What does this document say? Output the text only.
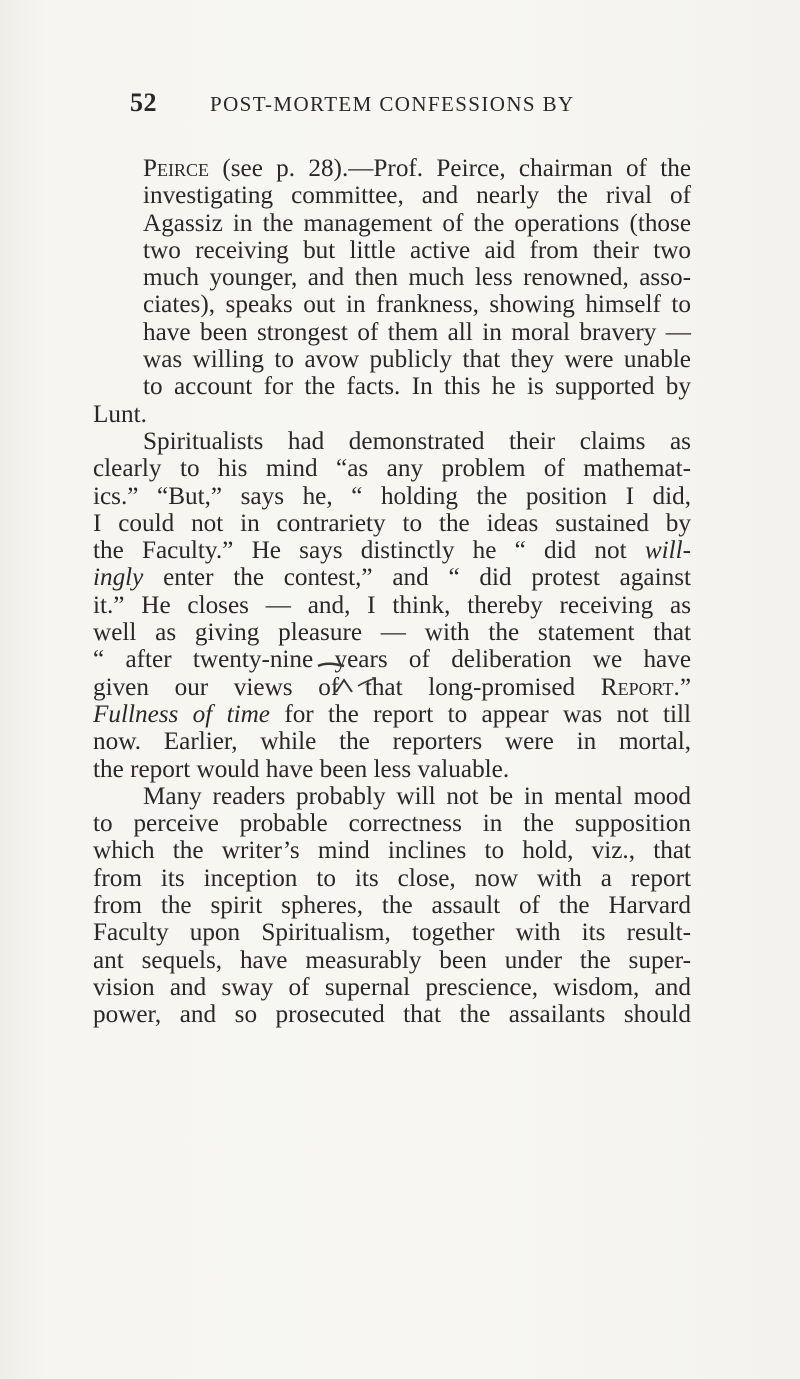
52	POST-MORTEM CONFESSIONS BY

Peirce (see p. 28).—Prof. Peirce, chairman of the
investigating committee, and nearly the rival of
Agassiz in the management of the operations (those
two receiving but little active aid from their two
much younger, and then much less renowned, asso-
ciates), speaks out in frankness, showing himself to
have been strongest of them all in moral bravery —
was willing to avow publicly that they were unable
to account for the facts. In this he is supported by
Lunt.

Spiritualists had demonstrated their claims as
clearly to his mind “as any problem of mathemat-
ics.” “But,” says he, “ holding the position I did,
I could not in contrariety to the ideas sustained by
the Faculty.” He says distinctly he “ did not will-
ingly enter the contest,” and “ did protest against
it.” He closes — and, I think, thereby receiving as
well as giving pleasure — with the statement that
“ after twenty-nine years of deliberation we have
given our views of that long-promised Report.”
Fullness of time for the report to appear was not till
now. Earlier, while the reporters were in mortal,
the report would have been less valuable.

Many readers probably will not be in mental mood
to perceive probable correctness in the supposition
which the writer’s mind inclines to hold, viz., that
from its inception to its close, now with a report
from the spirit spheres, the assault of the Harvard
Faculty upon Spiritualism, together with its result-
ant sequels, have measurably been under the super-
vision and sway of supernal prescience, wisdom, and
power, and so prosecuted that the assailants should
